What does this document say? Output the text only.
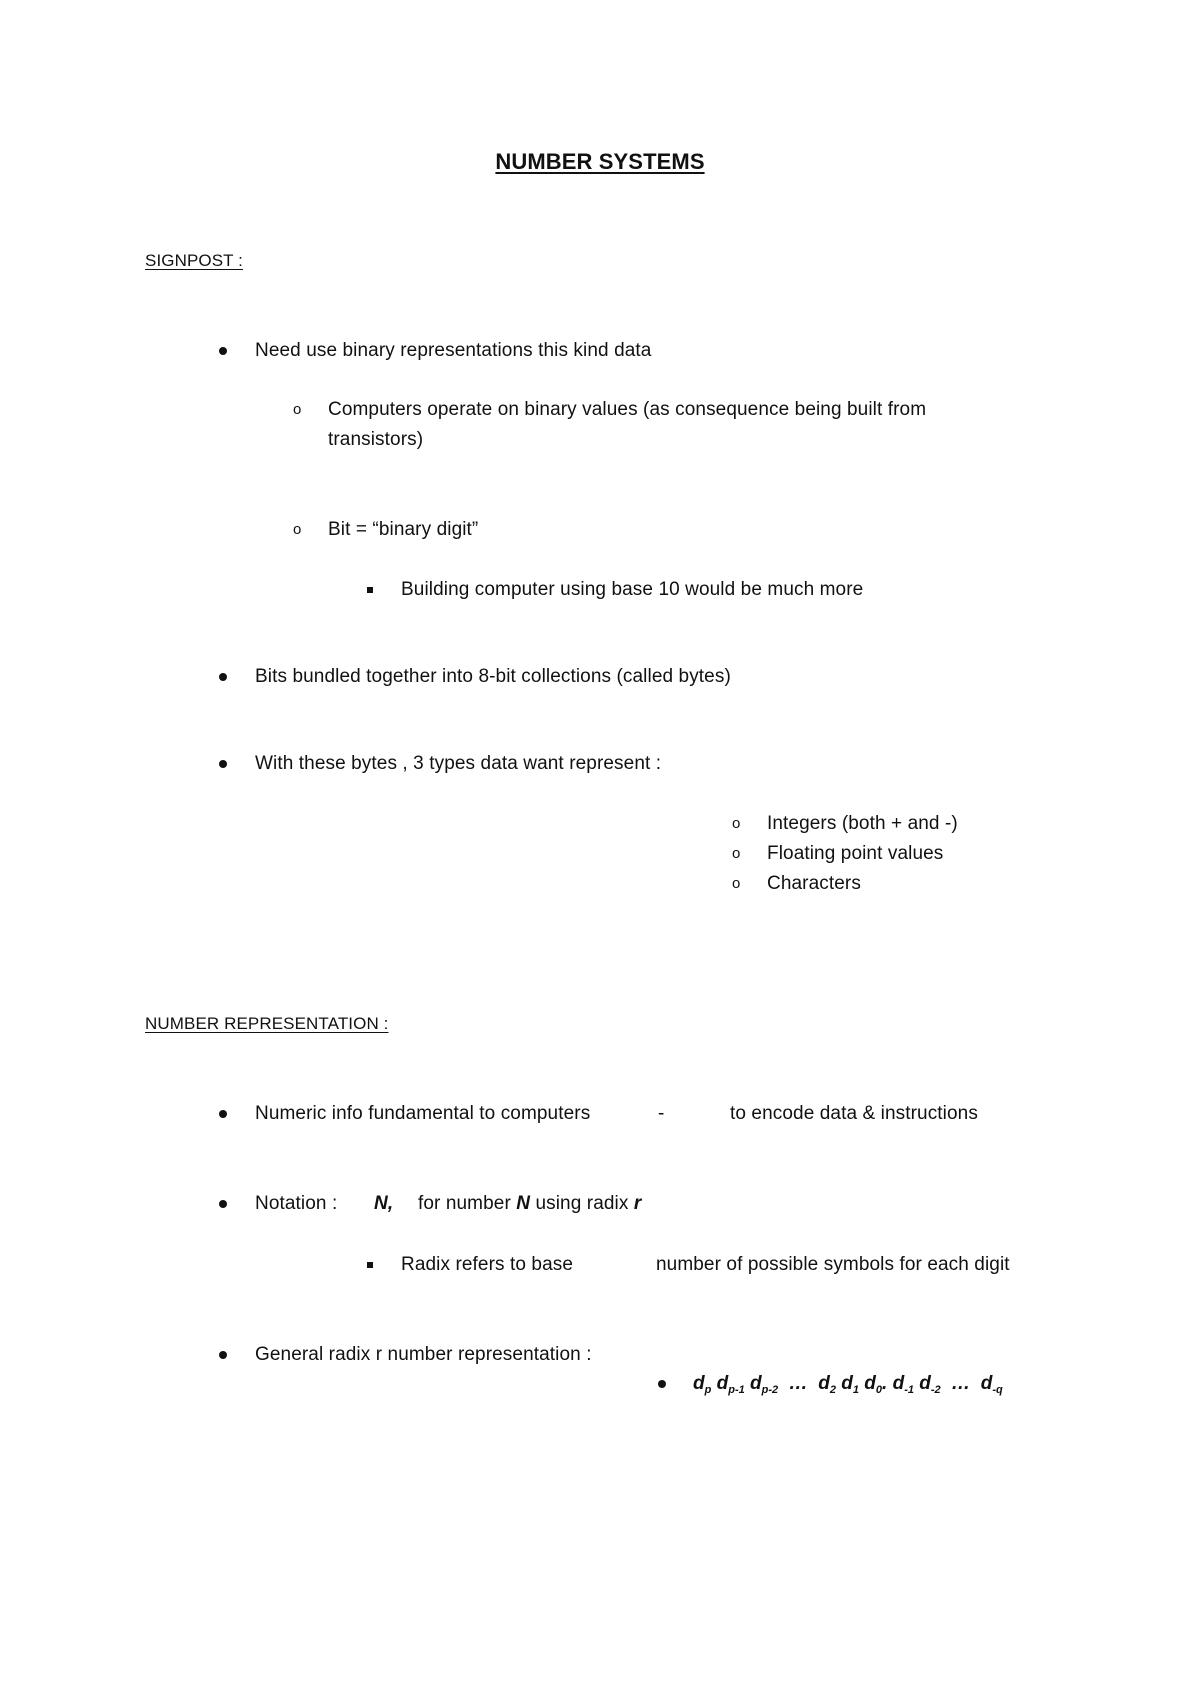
NUMBER SYSTEMS
SIGNPOST :
Need use binary representations this kind data
o Computers operate on binary values (as consequence being built from
transistors)
o Bit = “binary digit”
Building computer using base 10 would be much more
Bits bundled together into 8-bit collections (called bytes)
With these bytes , 3 types data want represent :
o Integers (both + and -)
o Floating point values
o Characters
NUMBER REPRESENTATION :
Numeric info fundamental to computers	-	to encode data & instructions
Notation : N, for number N using radix r
Radix refers to base	number of possible symbols for each digit
General radix r number representation :
$d_p$ $d_{p-1}$ $d_{p-2}$ … $d_2$ $d_1$ $d_0$. $d_{-1}$ $d_{-2}$ … $d_{-q}$
